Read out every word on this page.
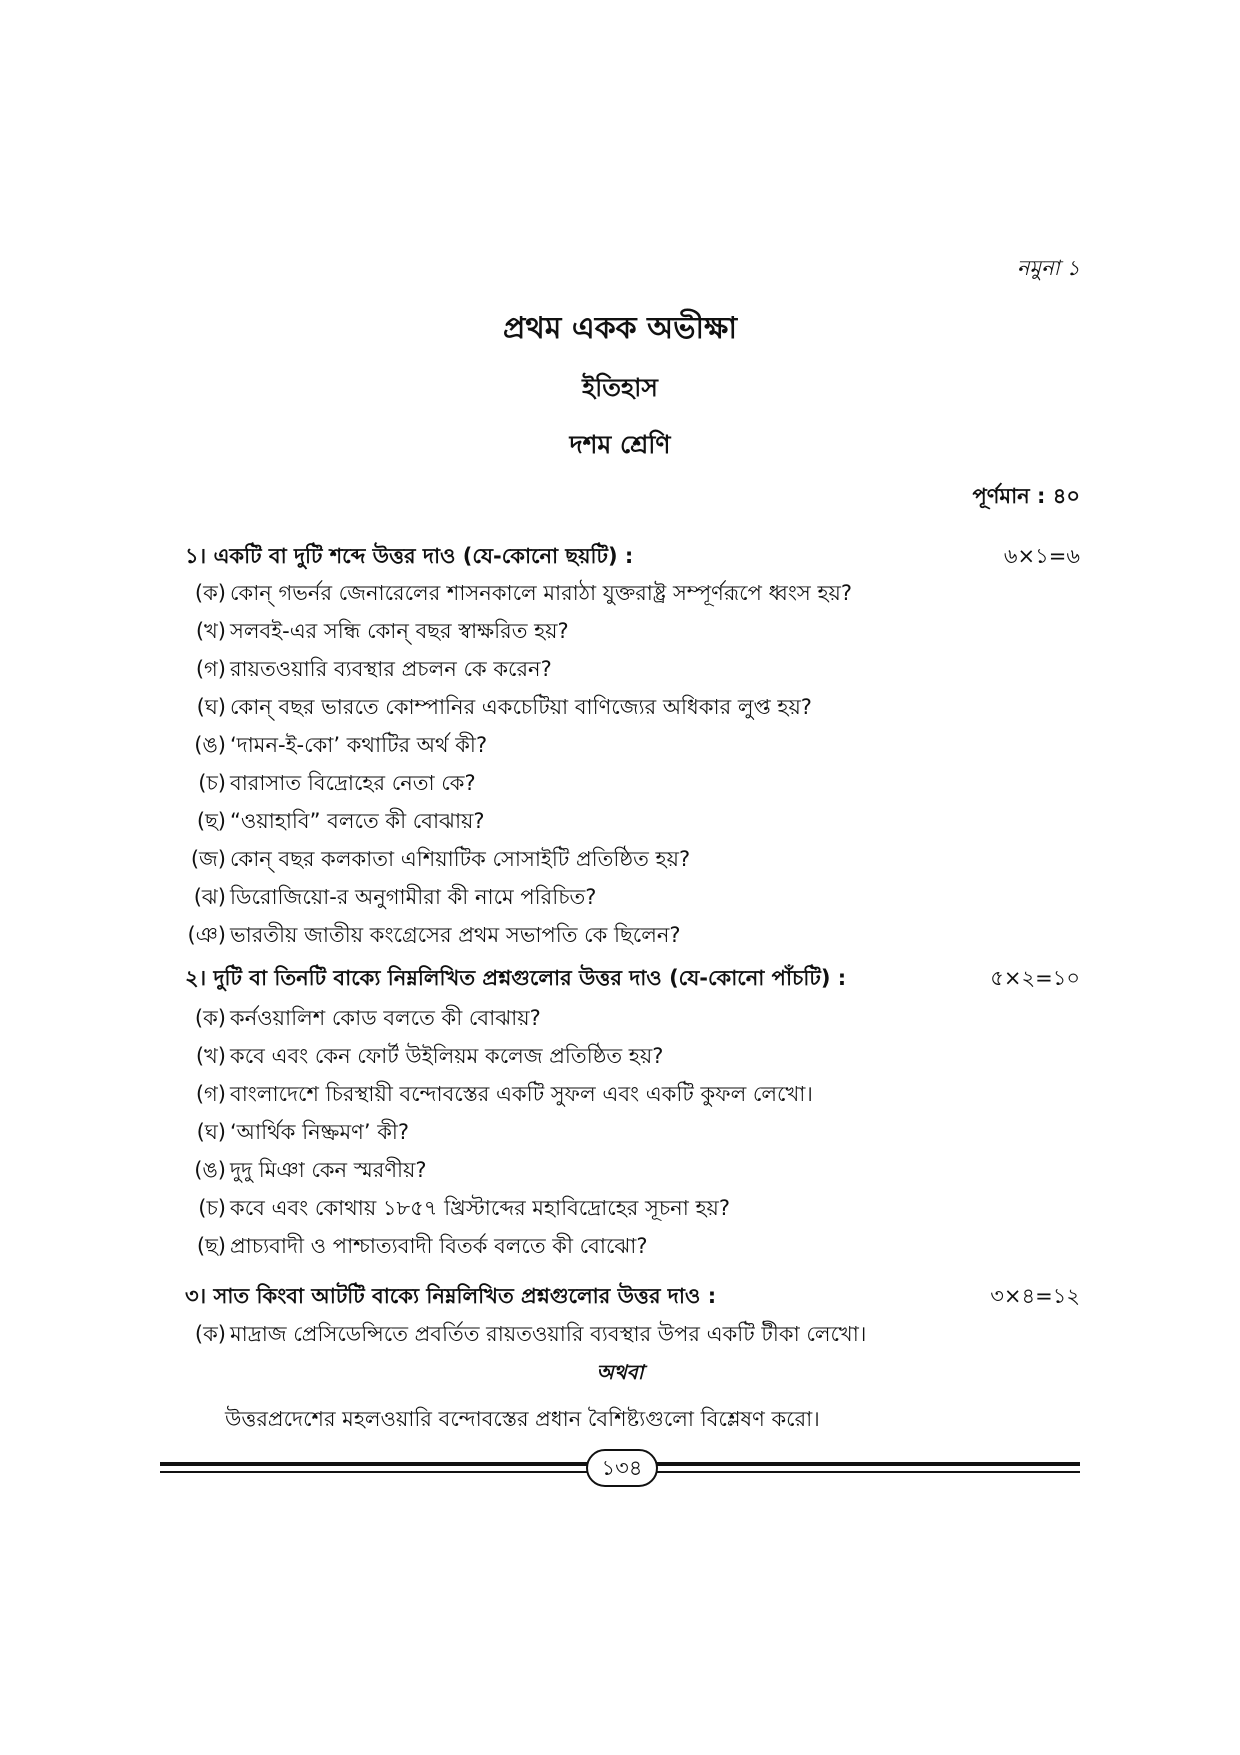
নমুনা ১
প্রথম একক অভীক্ষা
ইতিহাস
দশম শ্রেণি
পূর্ণমান : ৪০
১। একটি বা দুটি শব্দে উত্তর দাও (যে-কোনো ছয়টি) :	৬×১=৬
(ক) কোন্ গভর্নর জেনারেলের শাসনকালে মারাঠা যুক্তরাষ্ট্র সম্পূর্ণরূপে ধ্বংস হয়?
(খ) সলবই-এর সন্ধি কোন্ বছর স্বাক্ষরিত হয়?
(গ) রায়তওয়ারি ব্যবস্থার প্রচলন কে করেন?
(ঘ) কোন্ বছর ভারতে কোম্পানির একচেটিয়া বাণিজ্যের অধিকার লুপ্ত হয়?
(ঙ) ‘দামন-ই-কো’ কথাটির অর্থ কী?
(চ) বারাসাত বিদ্রোহের নেতা কে?
(ছ) “ওয়াহাবি” বলতে কী বোঝায়?
(জ) কোন্ বছর কলকাতা এশিয়াটিক সোসাইটি প্রতিষ্ঠিত হয়?
(ঝ) ডিরোজিয়ো-র অনুগামীরা কী নামে পরিচিত?
(ঞ) ভারতীয় জাতীয় কংগ্রেসের প্রথম সভাপতি কে ছিলেন?
২। দুটি বা তিনটি বাক্যে নিম্নলিখিত প্রশ্নগুলোর উত্তর দাও (যে-কোনো পাঁচটি) :	৫×২=১০
(ক) কর্নওয়ালিশ কোড বলতে কী বোঝায়?
(খ) কবে এবং কেন ফোর্ট উইলিয়ম কলেজ প্রতিষ্ঠিত হয়?
(গ) বাংলাদেশে চিরস্থায়ী বন্দোবস্তের একটি সুফল এবং একটি কুফল লেখো।
(ঘ) ‘আর্থিক নিষ্ক্রমণ’ কী?
(ঙ) দুদু মিঞা কেন স্মরণীয়?
(চ) কবে এবং কোথায় ১৮৫৭ খ্রিস্টাব্দের মহাবিদ্রোহের সূচনা হয়?
(ছ) প্রাচ্যবাদী ও পাশ্চাত্যবাদী বিতর্ক বলতে কী বোঝো?
৩। সাত কিংবা আটটি বাক্যে নিম্নলিখিত প্রশ্নগুলোর উত্তর দাও :	৩×৪=১২
(ক) মাদ্রাজ প্রেসিডেন্সিতে প্রবর্তিত রায়তওয়ারি ব্যবস্থার উপর একটি টীকা লেখো।
অথবা
উত্তরপ্রদেশের মহলওয়ারি বন্দোবস্তের প্রধান বৈশিষ্ট্যগুলো বিশ্লেষণ করো।
১৩৪
